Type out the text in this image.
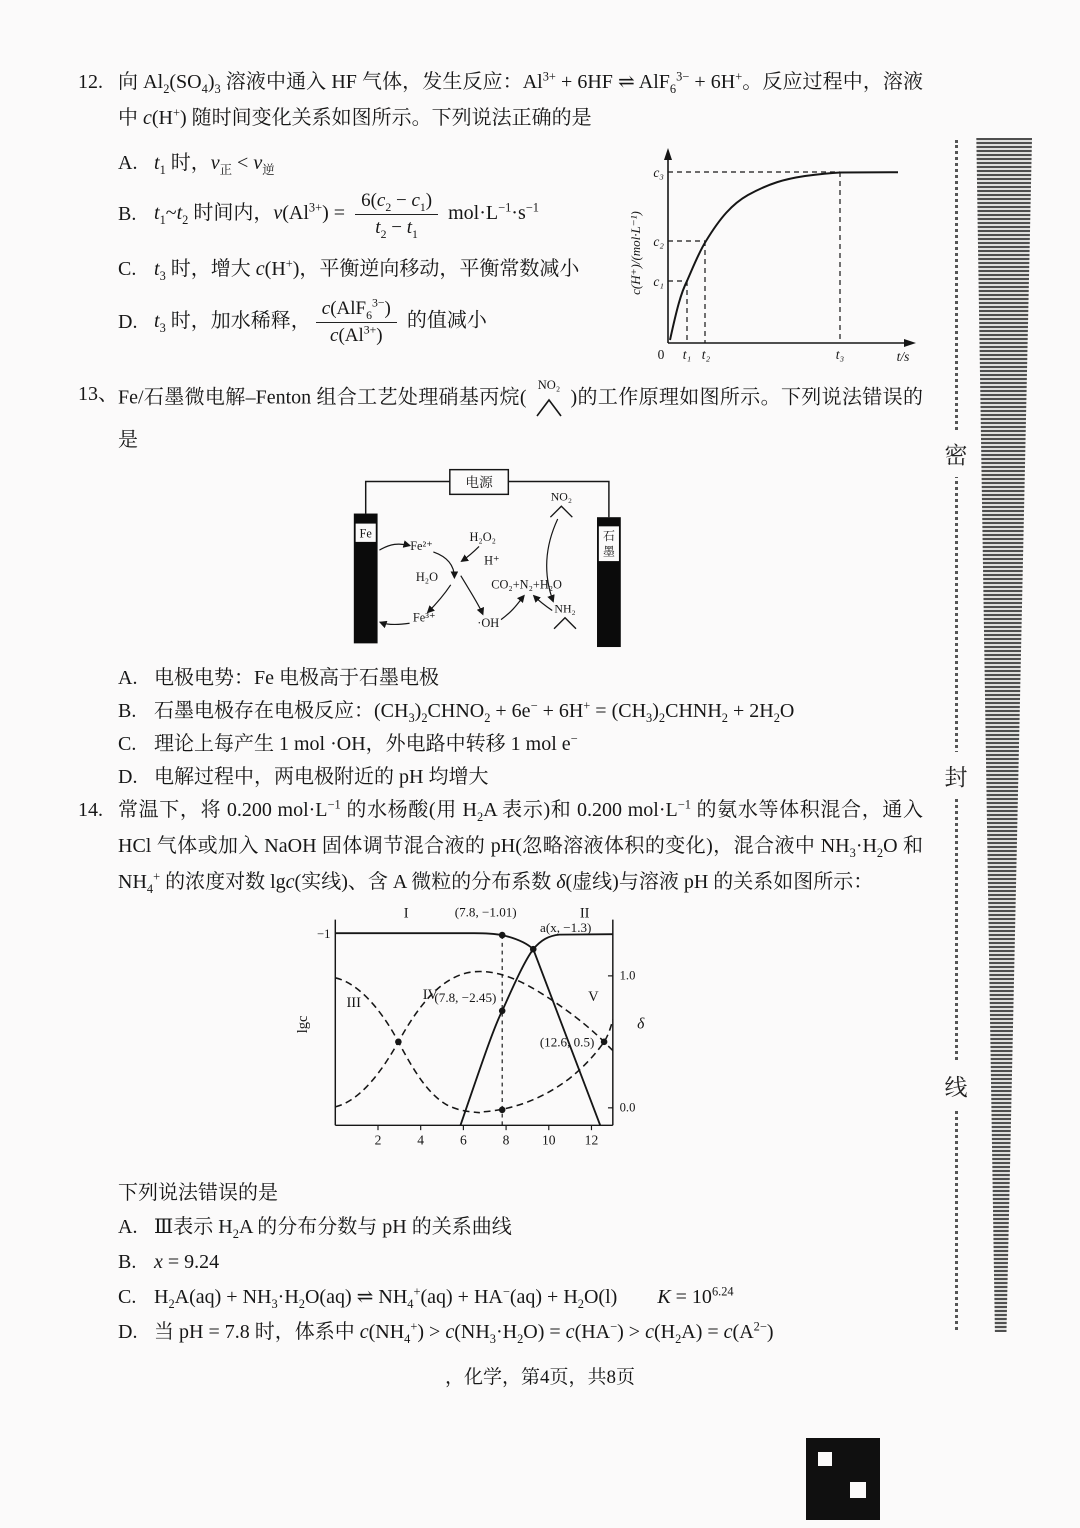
12. 向 $Al_2(SO_4)_3$ 溶液中通入 HF 气体，发生反应：$Al^{3+} + 6HF$ ⇌ AlF$_6^{3-}$ + 6H+。反应过程中，溶液中 c(H+) 随时间变化关系如图所示。下列说法正确的是
A. $t_1$ 时，$v_正 < v_逆$
B. $t_1\sim t_2$ 时间内，$v(Al^{3+}) = \frac{6(c_2 - c_1)}{t_2 - t_1} mol\cdot L^{-1}\cdot s^{-1}$
C. $t_3$ 时，增大 c(H+)，平衡逆向移动，平衡常数减小
D. $t_3$ 时，加水稀释， $\frac{c(AlF_6^{3-})}{c(Al^{3+})}$ 的值减小
c(H⁺)/(mol·L⁻¹)
c₃
c₂
c₁
0 t₁ t₂	t₃	t/s
13、 Fe/石墨微电解–Fenton 组合工艺处理硝基丙烷(
NO₂
)的工作原理如图所示。下列说法错误的是
电源
Fe	石
墨
NO₂
NH₂
Fe²⁺
H₂O₂
H⁺
H₂O
Fe³⁺	·OH
CO₂+N₂+H₂O
A. 电极电势：Fe 电极高于石墨电极
B. 石墨电极存在电极反应：$(CH_3)_2CHNO_2 + 6e^- + 6H^+$ = $(CH_3)_2CHNH_2 + 2H_2O$
C. 理论上每产生 1 mol ·OH，外电路中转移 1 mol e−
D. 电解过程中，两电极附近的 pH 均增大
14. 常温下，将 0.200 $mol\cdot L^{-1}$ 的水杨酸(用 $H_2A$ 表示)和 0.200 $mol\cdot L^{-1}$ 的氨水等体积混合，通入 HCl 气体或加入 NaOH 固体调节混合液的 pH(忽略溶液体积的变化)，混合液中 $NH_3\cdot H_2O$ 和 $NH_4^+$ 的浓度对数 lgc(实线)、含 A 微粒的分布系数 δ(虚线)与溶液 pH 的关系如图所示：
(7.8, −1.01)
a(x, −1.3)
(7.8, −2.45)
(12.6, 0.5)
I	II
III	IV	V
lgc	δ
−1
1.0
0.0
2	4	6	8 10 12
下列说法错误的是
A. Ⅲ表示 $H_2A$ 的分布分数与 pH 的关系曲线
B. x = 9.24
C. $H_2A(aq) + NH_3\cdot H_2O(aq)$ ⇌ $NH_4^+(aq) + HA^-(aq) + H_2O(l)$  $K = 10^{6.24}$
D. 当 pH = 7.8 时，体系中 $c(NH_4^+) > c(NH_3\cdot H_2O) = c(HA^-) > c(H_2A) = c(A^{2-})$
，化学，第4页，共8页
密
封
线
